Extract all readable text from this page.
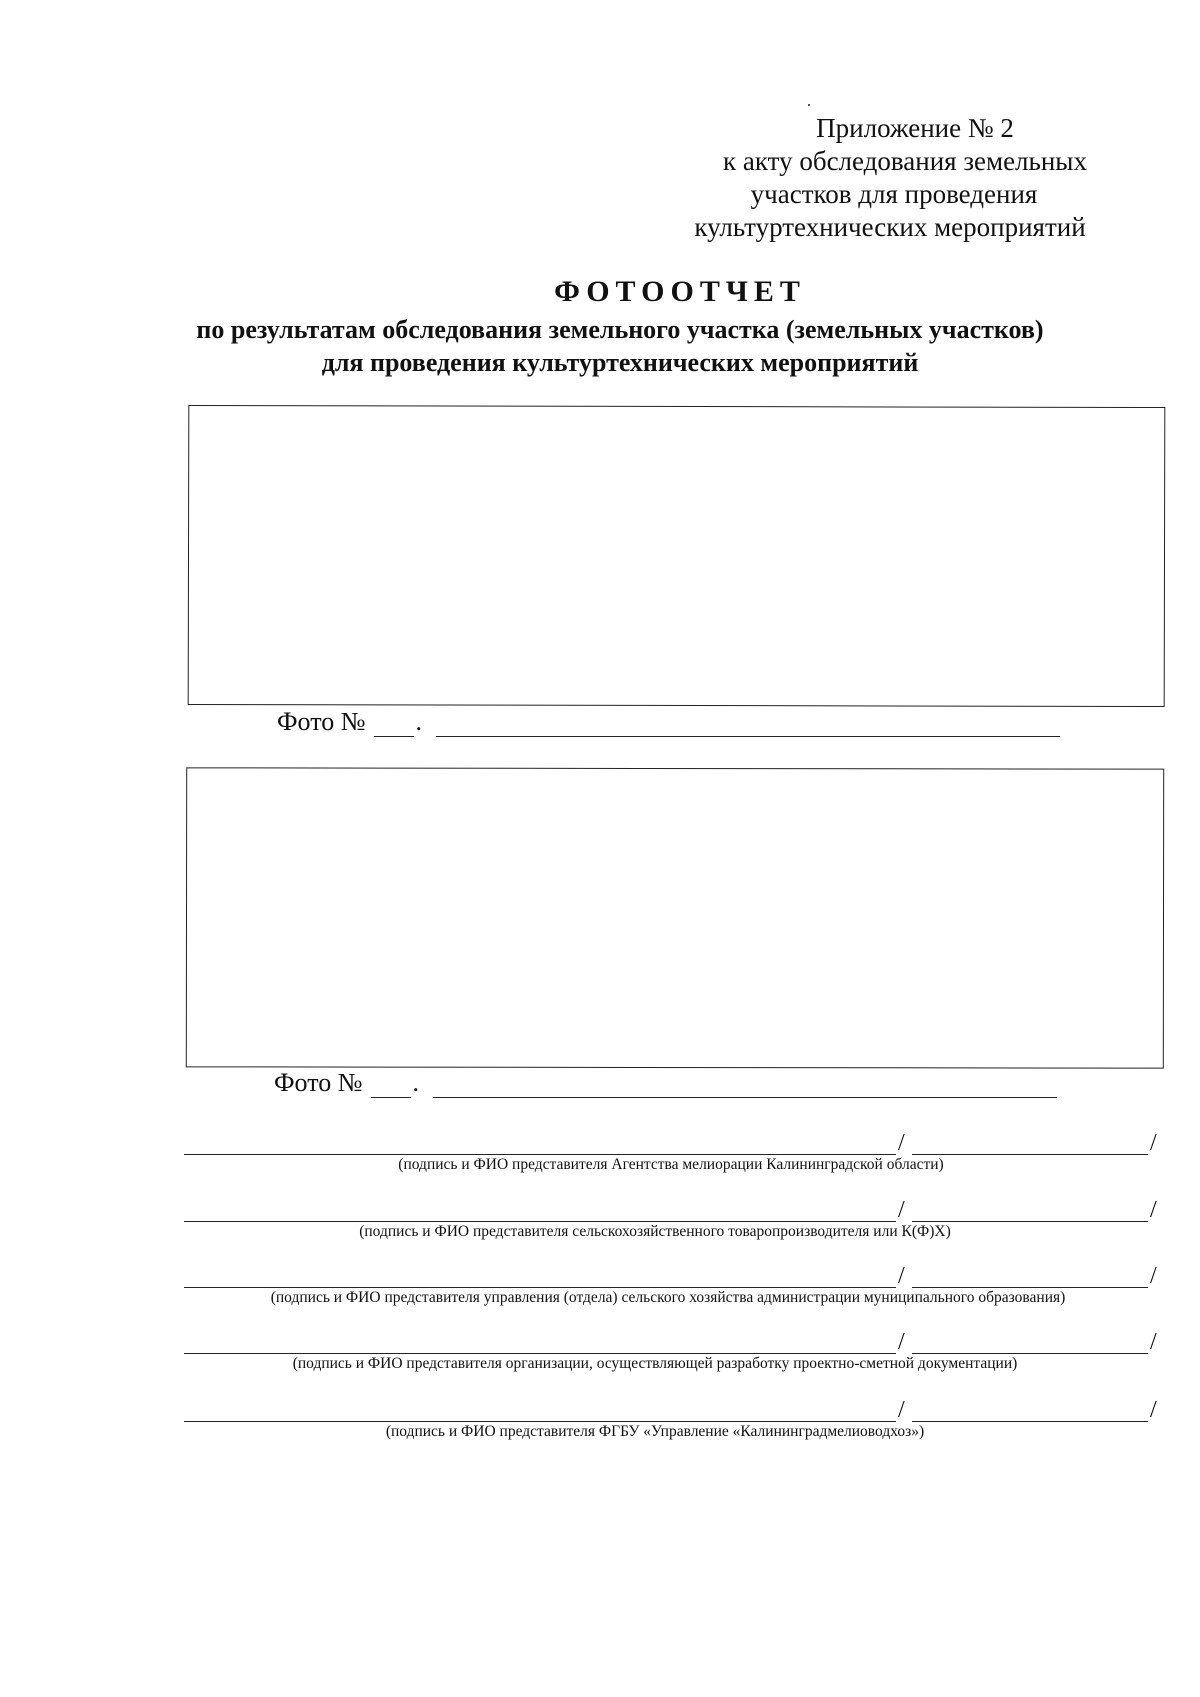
Приложение № 2
к акту обследования земельных
участков для проведения
культуртехнических мероприятий
ФОТООТЧЕТ
по результатам обследования земельного участка (земельных участков)
для проведения культуртехнических мероприятий
Фото № .
Фото № .
/	/
(подпись и ФИО представителя Агентства мелиорации Калининградской области)
/	/
(подпись и ФИО представителя сельскохозяйственного товаропроизводителя или К(Ф)Х)
/	/
(подпись и ФИО представителя управления (отдела) сельского хозяйства администрации муниципального образования)
/	/
(подпись и ФИО представителя организации, осуществляющей разработку проектно-сметной документации)
/	/
(подпись и ФИО представителя ФГБУ «Управление «Калининградмелиоводхоз»)
